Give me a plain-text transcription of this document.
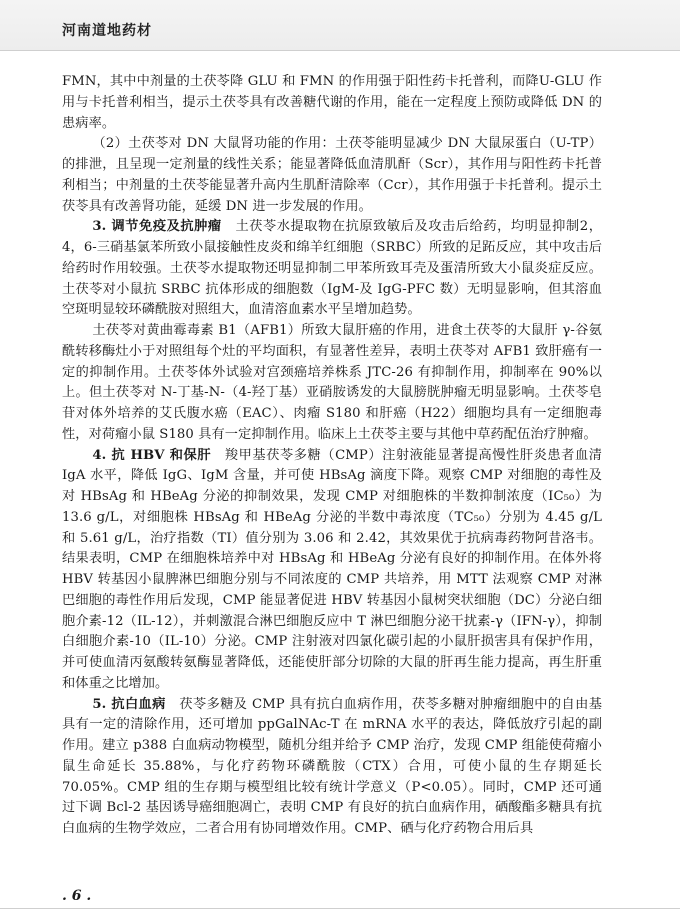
河南道地药材

FMN，其中中剂量的土茯苓降 GLU 和 FMN 的作用强于阳性药卡托普利，而降U-GLU 作用与卡托普利相当，提示土茯苓具有改善糖代谢的作用，能在一定程度上预防或降低 DN 的患病率。

（2）土茯苓对 DN 大鼠肾功能的作用：土茯苓能明显减少 DN 大鼠尿蛋白（U-TP）的排泄，且呈现一定剂量的线性关系；能显著降低血清肌酐（Scr），其作用与阳性药卡托普利相当；中剂量的土茯苓能显著升高内生肌酐清除率（Ccr），其作用强于卡托普利。提示土茯苓具有改善肾功能，延缓 DN 进一步发展的作用。

3. 调节免疫及抗肿瘤　土茯苓水提取物在抗原致敏后及攻击后给药，均明显抑制2，4，6-三硝基氯苯所致小鼠接触性皮炎和绵羊红细胞（SRBC）所致的足跖反应，其中攻击后给药时作用较强。土茯苓水提取物还明显抑制二甲苯所致耳壳及蛋清所致大小鼠炎症反应。土茯苓对小鼠抗 SRBC 抗体形成的细胞数（IgM-及 IgG-PFC 数）无明显影响，但其溶血空斑明显较环磷酰胺对照组大，血清溶血素水平呈增加趋势。

土茯苓对黄曲霉毒素 B1（AFB1）所致大鼠肝癌的作用，进食土茯苓的大鼠肝 γ-谷氨酰转移酶灶小于对照组每个灶的平均面积，有显著性差异，表明土茯苓对 AFB1 致肝癌有一定的抑制作用。土茯苓体外试验对宫颈癌培养株系 JTC-26 有抑制作用，抑制率在 90%以上。但土茯苓对 N-丁基-N-（4-羟丁基）亚硝胺诱发的大鼠膀胱肿瘤无明显影响。土茯苓皂苷对体外培养的艾氏腹水癌（EAC）、肉瘤 S180 和肝癌（H22）细胞均具有一定细胞毒性，对荷瘤小鼠 S180 具有一定抑制作用。临床上土茯苓主要与其他中草药配伍治疗肿瘤。

4. 抗 HBV 和保肝　羧甲基茯苓多糖（CMP）注射液能显著提高慢性肝炎患者血清 IgA 水平，降低 IgG、IgM 含量，并可使 HBsAg 滴度下降。观察 CMP 对细胞的毒性及对 HBsAg 和 HBeAg 分泌的抑制效果，发现 CMP 对细胞株的半数抑制浓度（IC₅₀）为 13.6 g/L，对细胞株 HBsAg 和 HBeAg 分泌的半数中毒浓度（TC₅₀）分别为 4.45 g/L 和 5.61 g/L，治疗指数（TI）值分别为 3.06 和 2.42，其效果优于抗病毒药物阿昔洛韦。结果表明，CMP 在细胞株培养中对 HBsAg 和 HBeAg 分泌有良好的抑制作用。在体外将 HBV 转基因小鼠脾淋巴细胞分别与不同浓度的 CMP 共培养，用 MTT 法观察 CMP 对淋巴细胞的毒性作用后发现，CMP 能显著促进 HBV 转基因小鼠树突状细胞（DC）分泌白细胞介素-12（IL-12），并刺激混合淋巴细胞反应中 T 淋巴细胞分泌干扰素-γ（IFN-γ），抑制白细胞介素-10（IL-10）分泌。CMP 注射液对四氯化碳引起的小鼠肝损害具有保护作用，并可使血清丙氨酸转氨酶显著降低，还能使肝部分切除的大鼠的肝再生能力提高，再生肝重和体重之比增加。

5. 抗白血病　茯苓多糖及 CMP 具有抗白血病作用，茯苓多糖对肿瘤细胞中的自由基具有一定的清除作用，还可增加 ppGalNAc-T 在 mRNA 水平的表达，降低放疗引起的副作用。建立 p388 白血病动物模型，随机分组并给予 CMP 治疗，发现 CMP 组能使荷瘤小鼠生命延长 35.88%，与化疗药物环磷酰胺（CTX）合用，可使小鼠的生存期延长 70.05%。CMP 组的生存期与模型组比较有统计学意义（P<0.05）。同时，CMP 还可通过下调 Bcl-2 基因诱导癌细胞凋亡，表明 CMP 有良好的抗白血病作用，硒酸酯多糖具有抗白血病的生物学效应，二者合用有协同增效作用。CMP、硒与化疗药物合用后具

. 6 .
